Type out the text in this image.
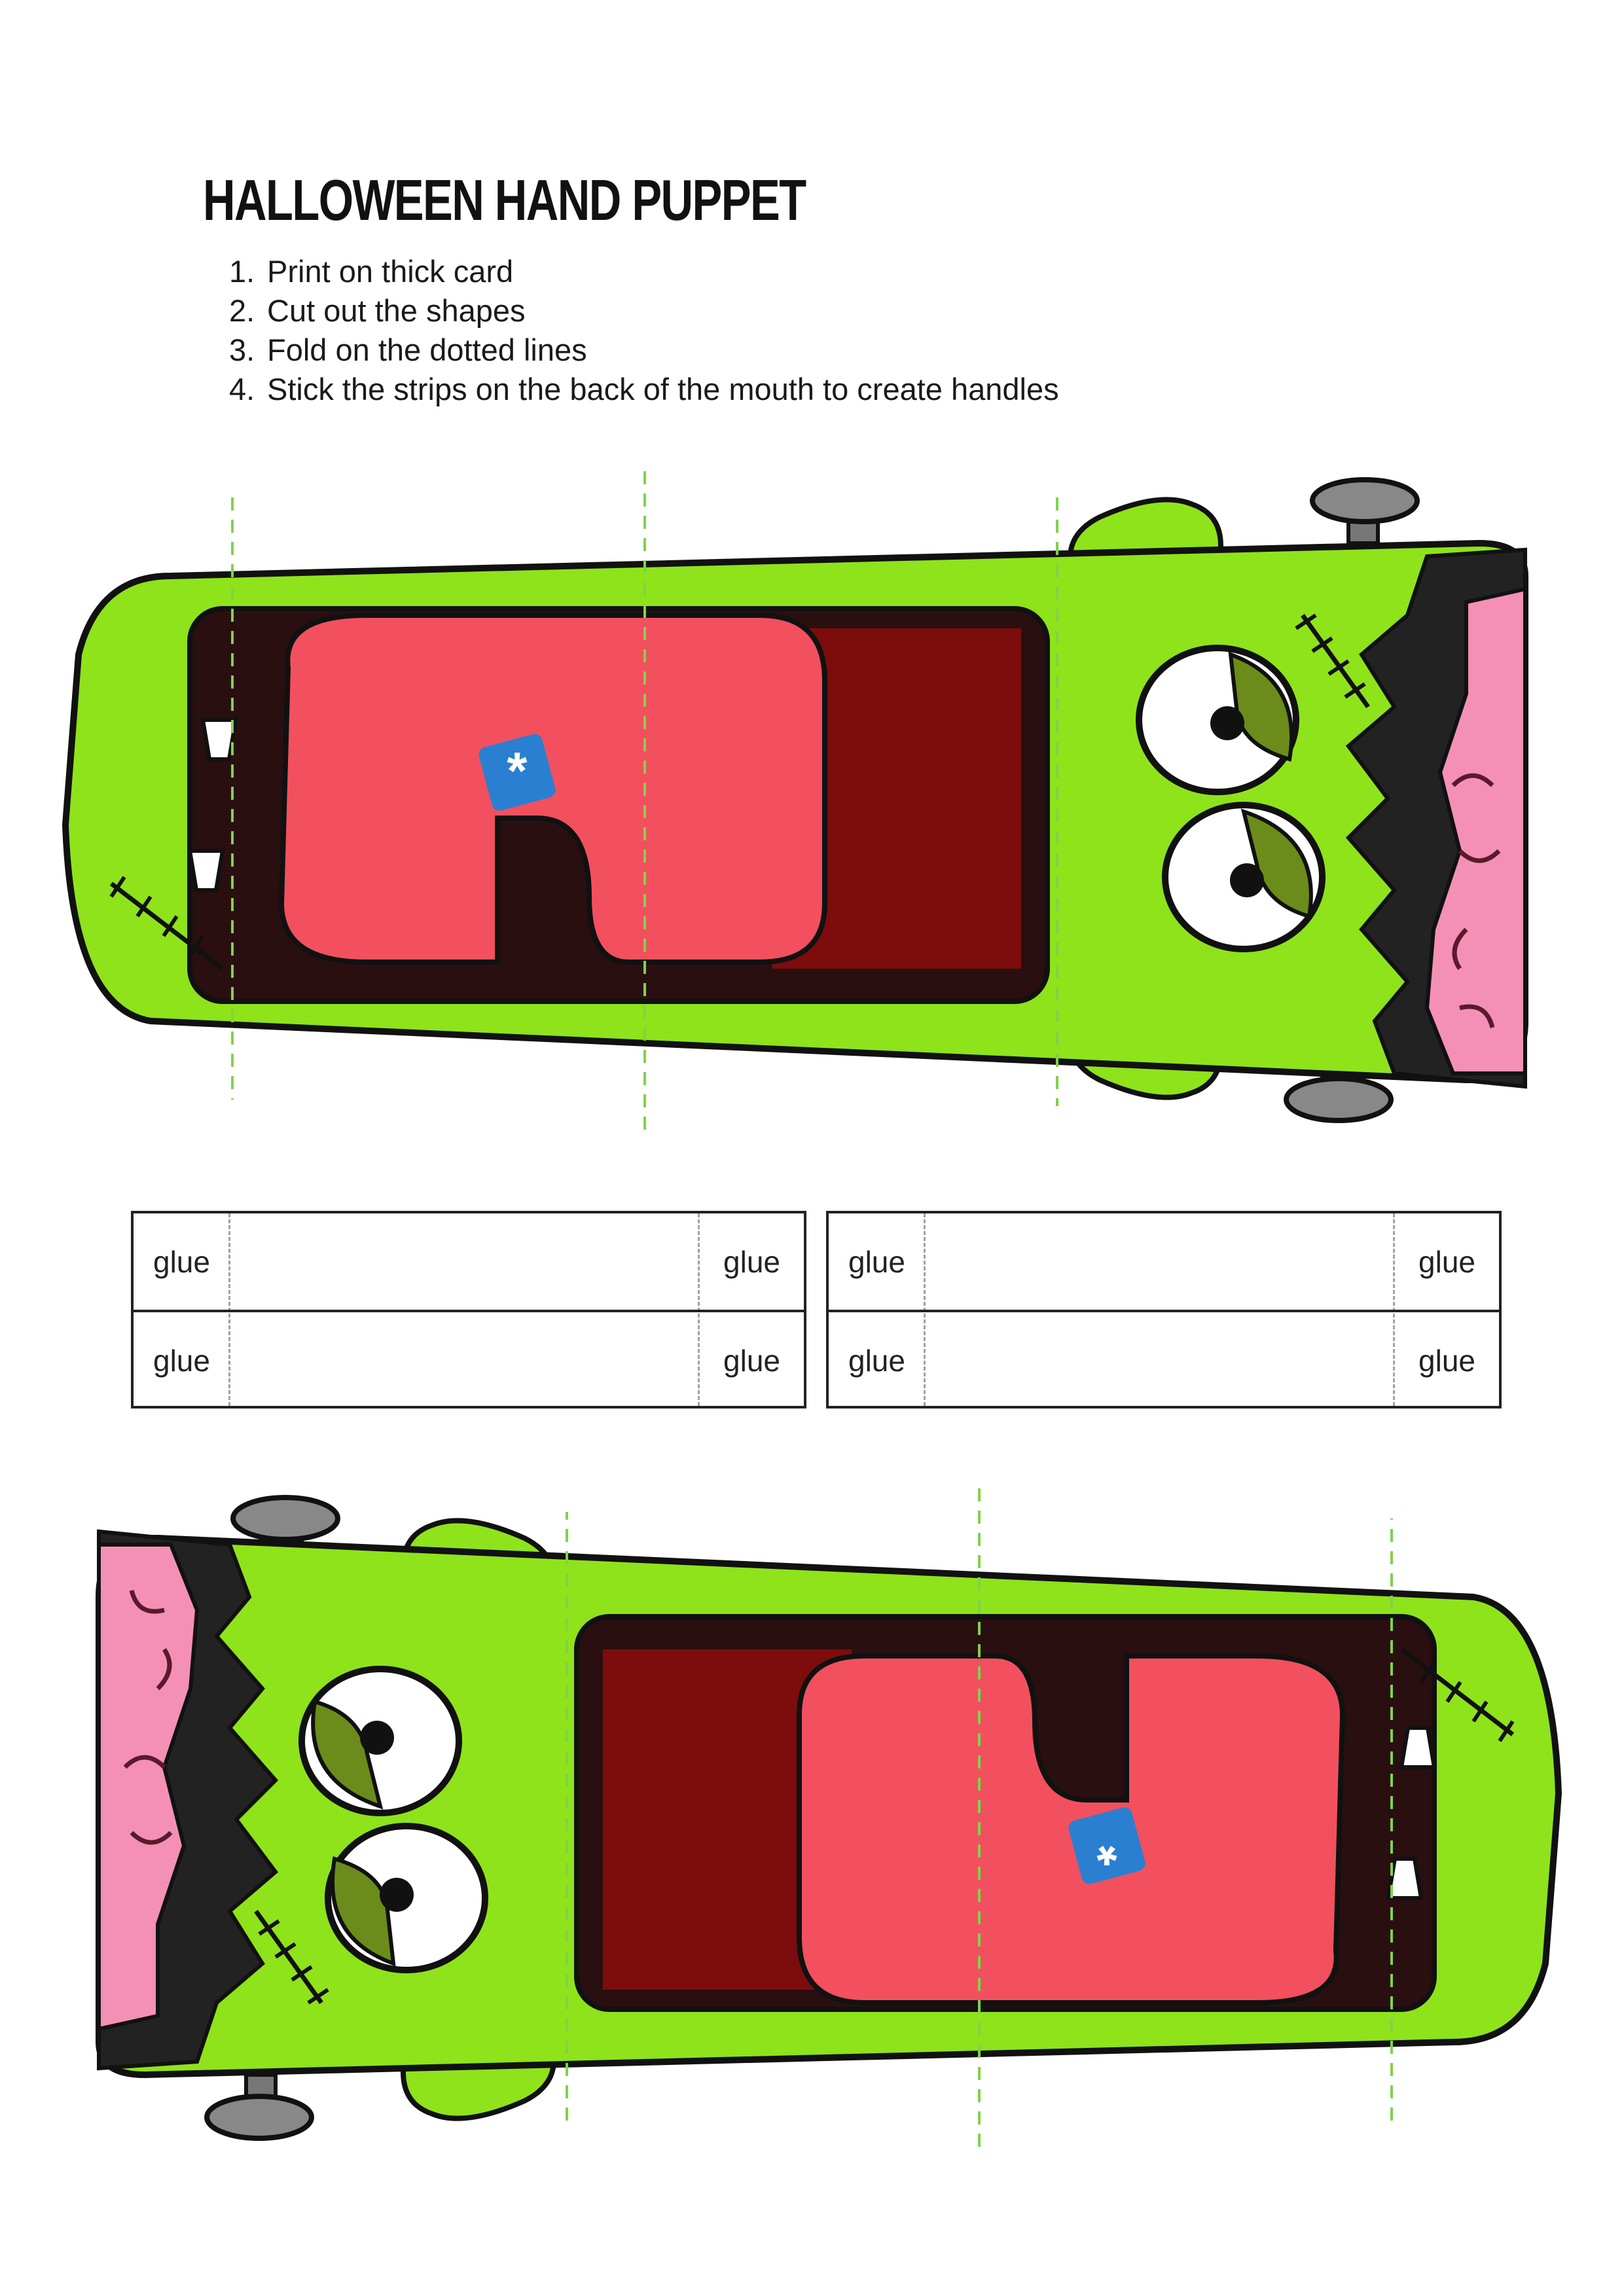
HALLOWEEN HAND PUPPET
1. Print on thick card
2. Cut out the shapes
3. Fold on the dotted lines
4. Stick the strips on the back of the mouth to create handles
glue	glue
glue	glue
glue	glue
glue	glue
